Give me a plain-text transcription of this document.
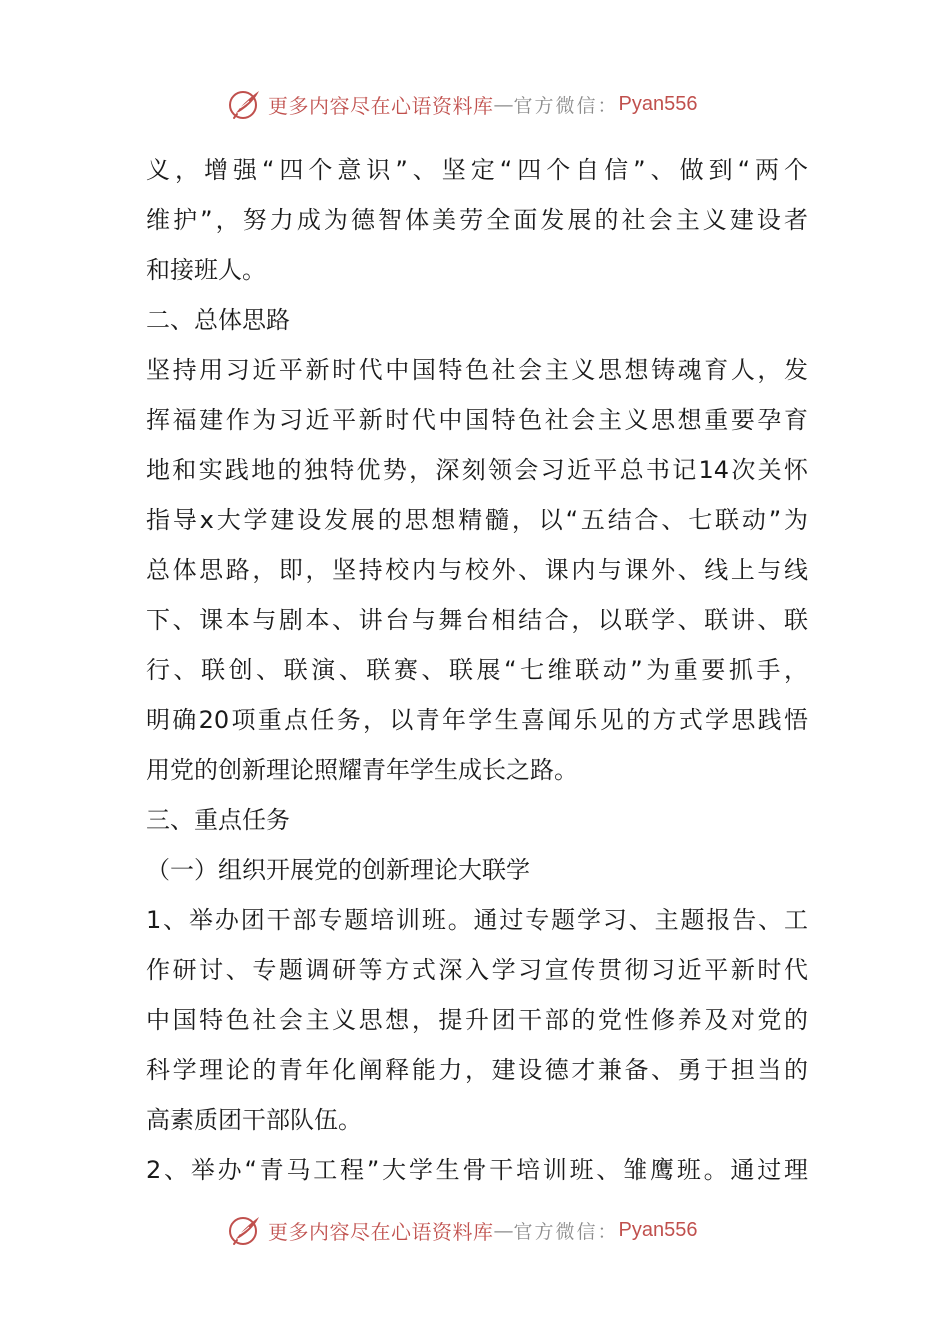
更多内容尽在心语资料库 — 官方微信： Pyan556
义，增强“四个意识”、坚定“四个自信”、做到“两个
维护”，努力成为德智体美劳全面发展的社会主义建设者
和接班人。
二、总体思路
坚持用习近平新时代中国特色社会主义思想铸魂育人，发
挥福建作为习近平新时代中国特色社会主义思想重要孕育
地和实践地的独特优势，深刻领会习近平总书记14次关怀
指导x大学建设发展的思想精髓，以“五结合、七联动”为
总体思路，即，坚持校内与校外、课内与课外、线上与线
下、课本与剧本、讲台与舞台相结合，以联学、联讲、联
行、联创、联演、联赛、联展“七维联动”为重要抓手，
明确20项重点任务，以青年学生喜闻乐见的方式学思践悟
用党的创新理论照耀青年学生成长之路。
三、重点任务
（一）组织开展党的创新理论大联学
1、举办团干部专题培训班。通过专题学习、主题报告、工
作研讨、专题调研等方式深入学习宣传贯彻习近平新时代
中国特色社会主义思想，提升团干部的党性修养及对党的
科学理论的青年化阐释能力，建设德才兼备、勇于担当的
高素质团干部队伍。
2、举办“青马工程”大学生骨干培训班、雏鹰班。通过理
更多内容尽在心语资料库 — 官方微信： Pyan556
